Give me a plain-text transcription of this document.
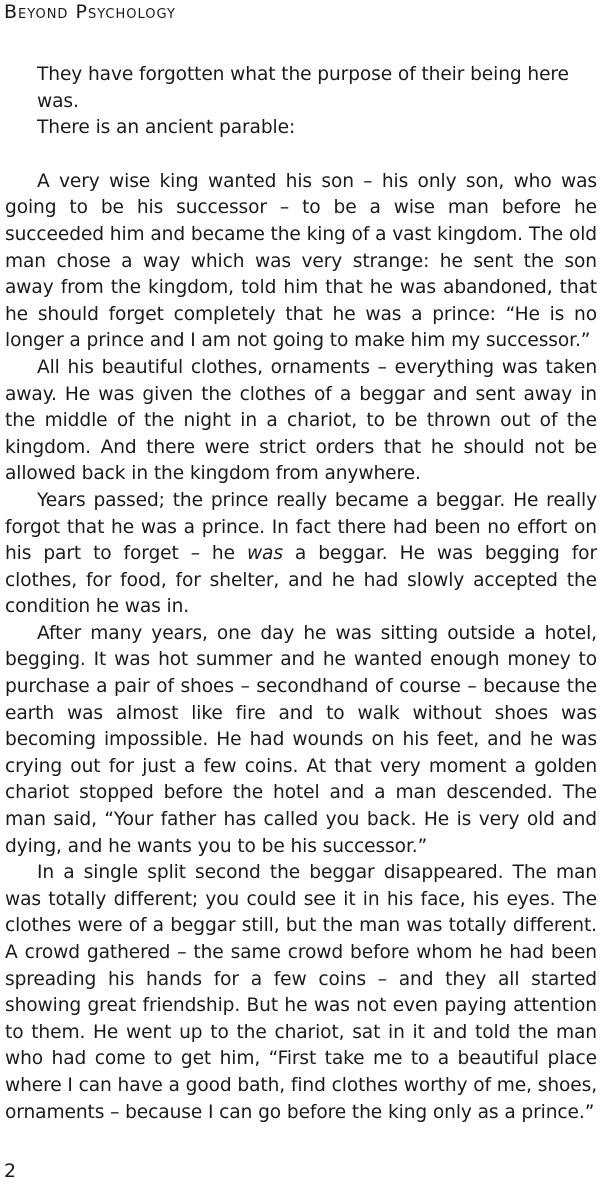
Beyond Psychology

They have forgotten what the purpose of their being here was.
There is an ancient parable:

A very wise king wanted his son – his only son, who was going to be his successor – to be a wise man before he succeeded him and became the king of a vast kingdom. The old man chose a way which was very strange: he sent the son away from the kingdom, told him that he was abandoned, that he should forget completely that he was a prince: “He is no longer a prince and I am not going to make him my successor.”

All his beautiful clothes, ornaments – everything was taken away. He was given the clothes of a beggar and sent away in the middle of the night in a chariot, to be thrown out of the kingdom. And there were strict orders that he should not be allowed back in the kingdom from anywhere.

Years passed; the prince really became a beggar. He really forgot that he was a prince. In fact there had been no effort on his part to forget – he was a beggar. He was begging for clothes, for food, for shelter, and he had slowly accepted the condition he was in.

After many years, one day he was sitting outside a hotel, begging. It was hot summer and he wanted enough money to purchase a pair of shoes – secondhand of course – because the earth was almost like fire and to walk without shoes was becoming impossible. He had wounds on his feet, and he was crying out for just a few coins. At that very moment a golden chariot stopped before the hotel and a man descended. The man said, “Your father has called you back. He is very old and dying, and he wants you to be his successor.”

In a single split second the beggar disappeared. The man was totally different; you could see it in his face, his eyes. The clothes were of a beggar still, but the man was totally different. A crowd gathered – the same crowd before whom he had been spreading his hands for a few coins – and they all started showing great friendship. But he was not even paying attention to them. He went up to the chariot, sat in it and told the man who had come to get him, “First take me to a beautiful place where I can have a good bath, find clothes worthy of me, shoes, ornaments – because I can go before the king only as a prince.”

2
